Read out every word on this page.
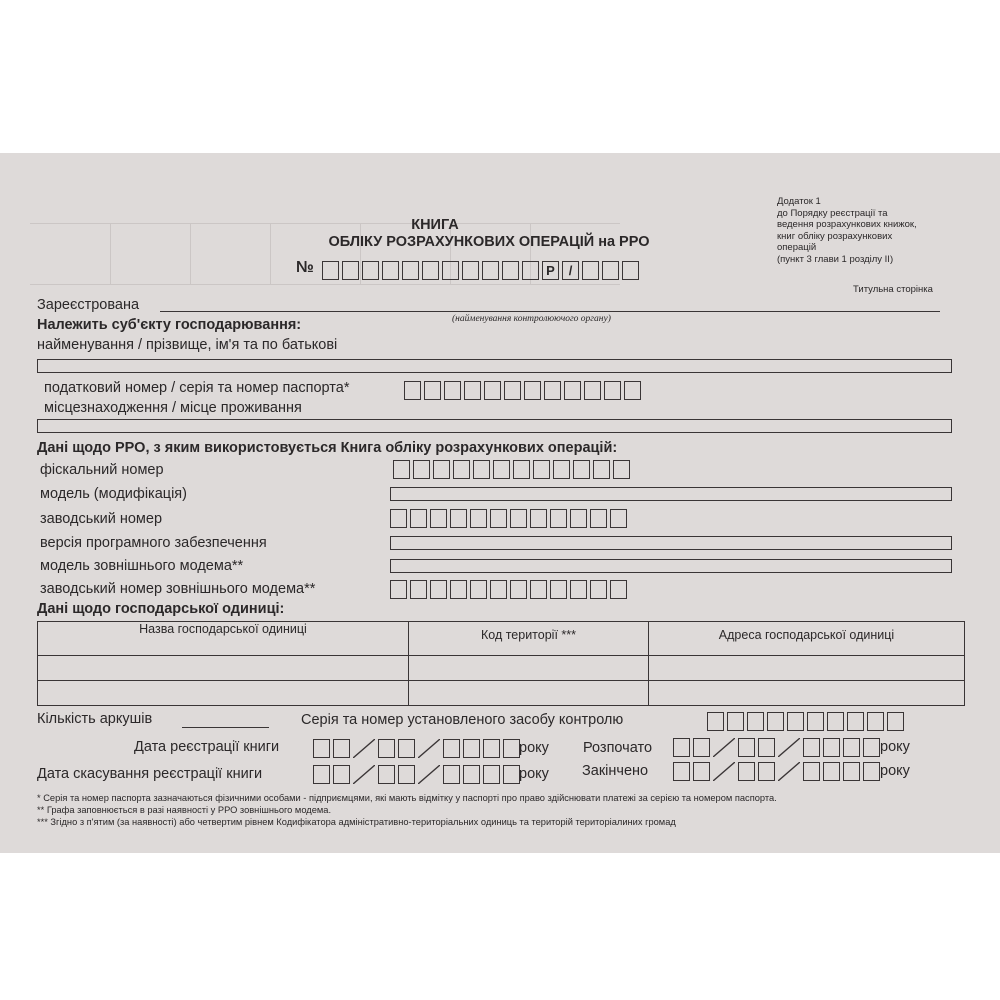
Додаток 1
до Порядку реєстрації та
ведення розрахункових книжок,
книг обліку розрахункових
операцій
(пункт 3 глави 1 розділу II)
Титульна сторінка
КНИГА
ОБЛІКУ РОЗРАХУНКОВИХ ОПЕРАЦІЙ на РРО
№	Р	/
Зареєстрована
(найменування контролюючого органу)
Належить суб'єкту господарювання:
найменування / прізвище, ім'я та по батькові
податковий номер / серія та номер паспорта*
місцезнаходження / місце проживання
Дані щодо РРО, з яким використовується Книга обліку розрахункових операцій:
фіскальний номер
модель (модифікація)
заводський номер
версія програмного забезпечення
модель зовнішнього модема**
заводський номер зовнішнього модема**
Дані щодо господарської одиниці:
Назва господарської одиниці	Код території ***	Адреса господарської одиниці

Кількість аркушів	Серія та номер установленого засобу контролю
Дата реєстрації книги	року Розпочато	року
Дата скасування реєстрації книги	року Закінчено	року
* Серія та номер паспорта зазначаються фізичними особами - підприємцями, які мають відмітку у паспорті про право здійснювати платежі за серією та номером паспорта.
** Графа заповнюється в разі наявності у РРО зовнішнього модема.
*** Згідно з п'ятим (за наявності) або четвертим рівнем Кодифікатора адміністративно-територіальних одиниць та територій територіалиних громад
